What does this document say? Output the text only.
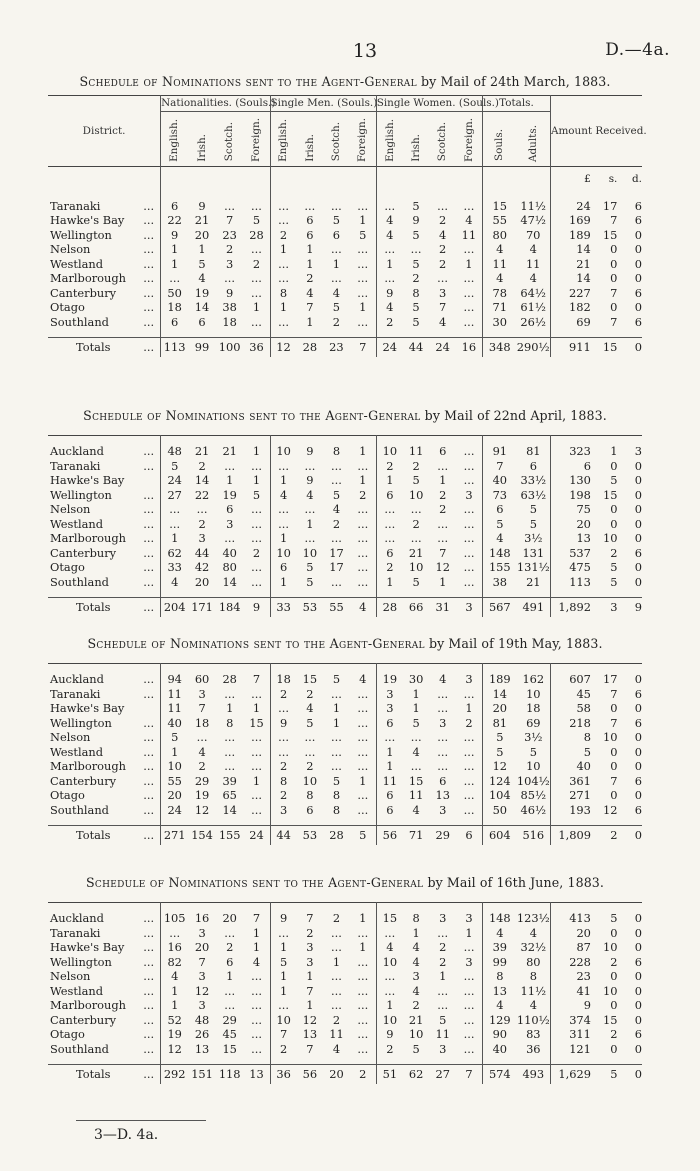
13	D.—4a.
Schedule of Nominations sent to the Agent-General by Mail of 24th March, 1883.
District.		Nationalities. (Souls.)				Single Men. (Souls.)				Single Women. (Souls.)				Totals.		Amount Received.		
		English.	Irish.	Scotch.	Foreign.	English.	Irish.	Scotch.	Foreign.	English.	Irish.	Scotch.	Foreign.	Souls.	Adults.			
																£	s.	d.

Taranaki	...	6	9	...	...	...	...	...	...	...	5	...	...	15	11½	24	17	6
Hawke's Bay	...	22	21	7	5	...	6	5	1	4	9	2	4	55	47½	169	7	6
Wellington	...	9	20	23	28	2	6	6	5	4	5	4	11	80	70	189	15	0
Nelson	...	1	1	2	...	1	1	...	...	...	...	2	...	4	4	14	0	0
Westland	...	1	5	3	2	...	1	1	...	1	5	2	1	11	11	21	0	0
Marlborough	...	...	4	...	...	...	2	...	...	...	2	...	...	4	4	14	0	0
Canterbury	...	50	19	9	...	8	4	4	...	9	8	3	...	78	64½	227	7	6
Otago	...	18	14	38	1	1	7	5	1	4	5	7	...	71	61½	182	0	0
Southland	...	6	6	18	...	...	1	2	...	2	5	4	...	30	26½	69	7	6

Totals	...	113	99	100	36	12	28	23	7	24	44	24	16	348	290½	911	15	0
Schedule of Nominations sent to the Agent-General by Mail of 22nd April, 1883.

Auckland	...	48	21	21	1	10	9	8	1	10	11	6	...	91	81	323	1	3
Taranaki	...	5	2	...	...	...	...	...	...	2	2	...	...	7	6	6	0	0
Hawke's Bay		24	14	1	1	1	9	...	1	1	5	1	...	40	33½	130	5	0
Wellington	...	27	22	19	5	4	4	5	2	6	10	2	3	73	63½	198	15	0
Nelson	...	...	...	6	...	...	...	4	...	...	...	2	...	6	5	75	0	0
Westland	...	...	2	3	...	...	1	2	...	...	2	...	...	5	5	20	0	0
Marlborough	...	1	3	...	...	1	...	...	...	...	...	...	...	4	3½	13	10	0
Canterbury	...	62	44	40	2	10	10	17	...	6	21	7	...	148	131	537	2	6
Otago	...	33	42	80	...	6	5	17	...	2	10	12	...	155	131½	475	5	0
Southland	...	4	20	14	...	1	5	...	...	1	5	1	...	38	21	113	5	0

Totals	...	204	171	184	9	33	53	55	4	28	66	31	3	567	491	1,892	3	9
Schedule of Nominations sent to the Agent-General by Mail of 19th May, 1883.

Auckland	...	94	60	28	7	18	15	5	4	19	30	4	3	189	162	607	17	0
Taranaki	...	11	3	...	...	2	2	...	...	3	1	...	...	14	10	45	7	6
Hawke's Bay		11	7	1	1	...	4	1	...	3	1	...	1	20	18	58	0	0
Wellington	...	40	18	8	15	9	5	1	...	6	5	3	2	81	69	218	7	6
Nelson	...	5	...	...	...	...	...	...	...	...	...	...	...	5	3½	8	10	0
Westland	...	1	4	...	...	...	...	...	...	1	4	...	...	5	5	5	0	0
Marlborough	...	10	2	...	...	2	2	...	...	1	...	...	...	12	10	40	0	0
Canterbury	...	55	29	39	1	8	10	5	1	11	15	6	...	124	104½	361	7	6
Otago	...	20	19	65	...	2	8	8	...	6	11	13	...	104	85½	271	0	0
Southland	...	24	12	14	...	3	6	8	...	6	4	3	...	50	46½	193	12	6

Totals	...	271	154	155	24	44	53	28	5	56	71	29	6	604	516	1,809	2	0
Schedule of Nominations sent to the Agent-General by Mail of 16th June, 1883.

Auckland	...	105	16	20	7	9	7	2	1	15	8	3	3	148	123½	413	5	0
Taranaki	...	...	3	...	1	...	2	...	...	...	1	...	1	4	4	20	0	0
Hawke's Bay	...	16	20	2	1	1	3	...	1	4	4	2	...	39	32½	87	10	0
Wellington	...	82	7	6	4	5	3	1	...	10	4	2	3	99	80	228	2	6
Nelson	...	4	3	1	...	1	1	...	...	...	3	1	...	8	8	23	0	0
Westland	...	1	12	...	...	1	7	...	...	...	4	...	...	13	11½	41	10	0
Marlborough	...	1	3	...	...	...	1	...	...	1	2	...	...	4	4	9	0	0
Canterbury	...	52	48	29	...	10	12	2	...	10	21	5	...	129	110½	374	15	0
Otago	...	19	26	45	...	7	13	11	...	9	10	11	...	90	83	311	2	6
Southland	...	12	13	15	...	2	7	4	...	2	5	3	...	40	36	121	0	0

Totals	...	292	151	118	13	36	56	20	2	51	62	27	7	574	493	1,629	5	0
3—D. 4a.
